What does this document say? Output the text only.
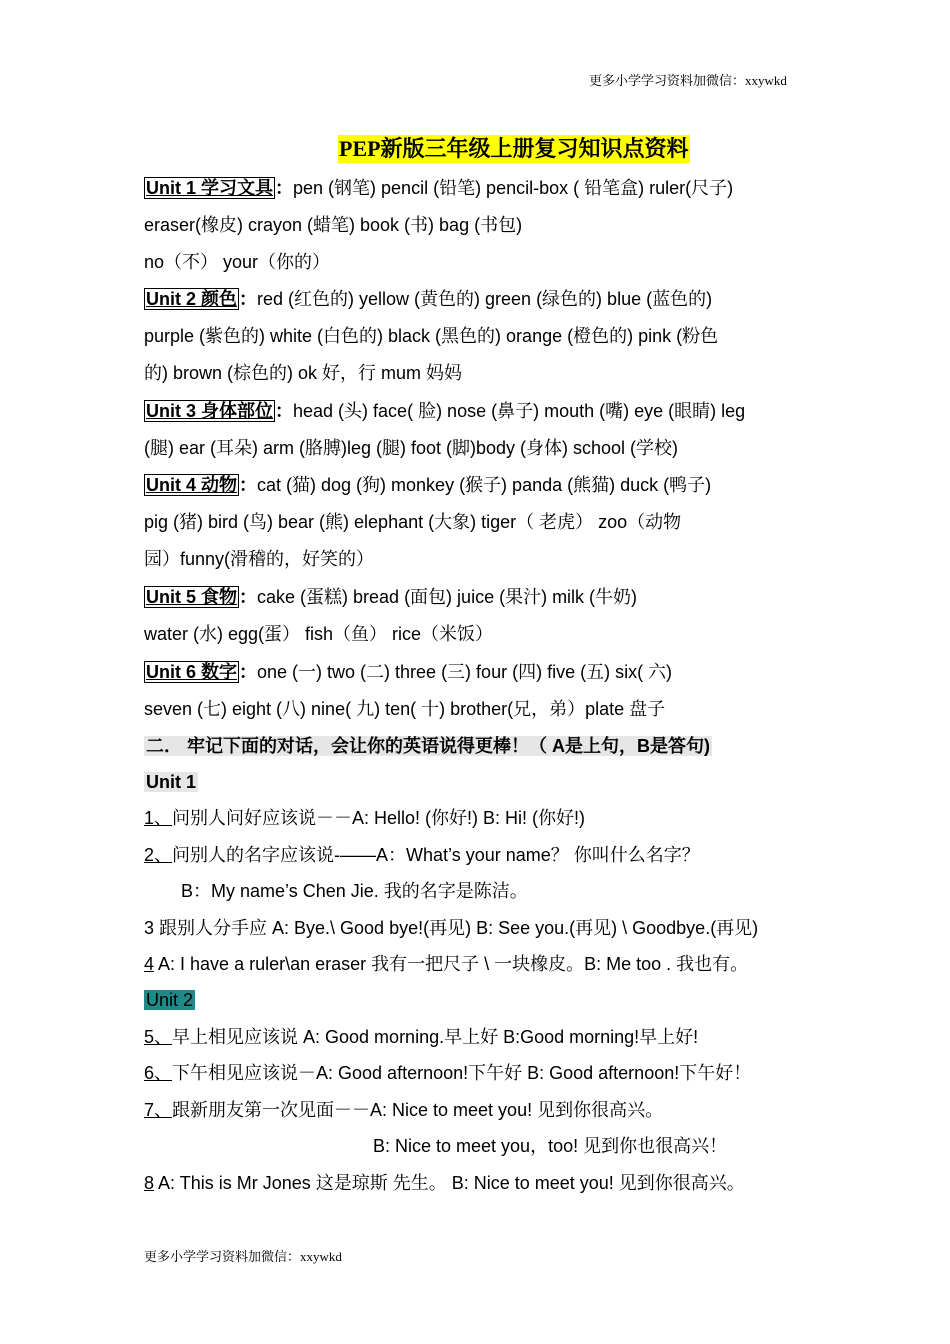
更多小学学习资料加微信：xxywkd
PEP新版三年级上册复习知识点资料
Unit 1 学习文具 ：pen (钢笔) pencil (铅笔) pencil-box ( 铅笔盒) ruler(尺子)
eraser(橡皮) crayon (蜡笔) book (书) bag (书包)
no（不） your（你的）
Unit 2 颜色 ：red (红色的) yellow (黄色的) green (绿色的) blue (蓝色的)
purple (紫色的) white (白色的) black (黑色的) orange (橙色的) pink (粉色
的) brown (棕色的) ok 好，行 mum 妈妈
Unit 3 身体部位 ：head (头) face( 脸) nose (鼻子) mouth (嘴) eye (眼睛) leg
(腿) ear (耳朵) arm (胳膊)leg (腿) foot (脚)body (身体) school (学校)
Unit 4 动物 ：cat (猫) dog (狗) monkey (猴子) panda (熊猫) duck (鸭子)
pig (猪) bird (鸟) bear (熊) elephant (大象) tiger（ 老虎） zoo（动物
园）funny(滑稽的，好笑的）
Unit 5 食物 ：cake (蛋糕) bread (面包) juice (果汁) milk (牛奶)
water (水) egg(蛋） fish（鱼） rice（米饭）
Unit 6 数字 ：one (一) two (二) three (三) four (四) five (五) six( 六)
seven (七) eight (八) nine( 九) ten( 十) brother(兄，弟）plate 盘子
二． 牢记下面的对话，会让你的英语说得更棒！（ A是上句，B是答句)
Unit 1
1、问别人问好应该说－－A: Hello! (你好!) B: Hi! (你好!)
2、问别人的名字应该说-——A：What’s your name？ 你叫什么名字？
B：My name’s Chen Jie. 我的名字是陈洁。
3 跟别人分手应 A: Bye.\ Good bye!(再见) B: See you.(再见) \ Goodbye.(再见)
4 A: I have a ruler\an eraser 我有一把尺子 \ 一块橡皮。B: Me too . 我也有。
Unit 2
5、早上相见应该说 A: Good morning.早上好 B:Good morning!早上好!
6、下午相见应该说－A: Good afternoon!下午好 B: Good afternoon!下午好！
7、跟新朋友第一次见面－－A: Nice to meet you! 见到你很高兴。
B: Nice to meet you，too! 见到你也很高兴！
8 A: This is Mr Jones 这是琼斯 先生。 B: Nice to meet you! 见到你很高兴。
更多小学学习资料加微信：xxywkd
